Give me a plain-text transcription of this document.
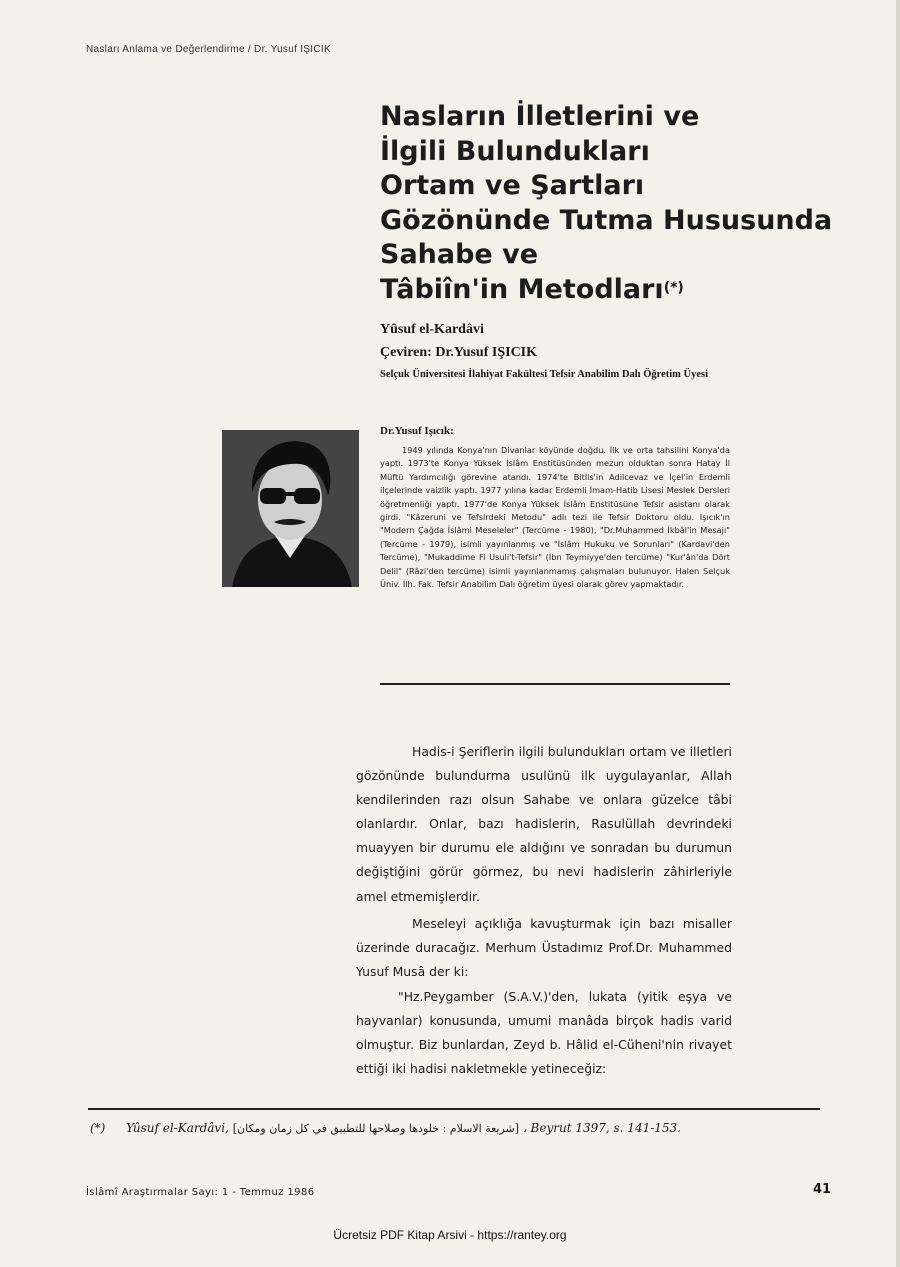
Nasları Anlama ve Değerlendirme / Dr. Yusuf IŞICIK
Nasların İlletlerini ve
İlgili Bulundukları
Ortam ve Şartları
Gözönünde Tutma Hususunda
Sahabe ve
Tâbiîn'in Metodları(*)
Yûsuf el-Kardâvi
Çeviren: Dr.Yusuf IŞICIK
Selçuk Üniversitesi İlahiyat Fakültesi Tefsir Anabilim Dalı Öğretim Üyesi
Dr.Yusuf Işıcık:

1949 yılında Konya'nın Divanlar köyünde doğdu. İlk ve orta tahsilini Konya'da yaptı. 1973'te Konya Yüksek İslâm Enstitüsünden mezun olduktan sonra Hatay İl Müftü Yardımcılığı görevine atandı. 1974'te Bitlis'in Adilcevaz ve İçel'in Erdemli ilçelerinde vaizlik yaptı. 1977 yılına kadar Erdemli İmam-Hatib Lisesi Meslek Dersleri öğretmenliği yaptı. 1977'de Konya Yüksek İslâm Enstitüsüne Tefsir asistanı olarak girdi. "Kâzeruni ve Tefsirdeki Metodu" adlı tezi ile Tefsir Doktoru oldu. Işıcık'ın "Modern Çağda İslâmi Meseleler" (Tercüme - 1980), "Dr.Muhammed İkbâl'in Mesajı" (Tercüme - 1979), isimli yayınlanmış ve "İslâm Hukuku ve Sorunları" (Kardavi'den Tercüme), "Mukaddime Fi Usuli't-Tefsir" (İbn Teymiyye'den tercüme) "Kur'ân'da Dört Delil" (Râzi'den tercüme) isimli yayınlanmamış çalışmaları bulunuyor. Halen Selçuk Üniv. İlh. Fak. Tefsir Anabilim Dalı öğretim üyesi olarak görev yapmaktadır.

Hadis-i Şeriflerin ilgili bulundukları ortam ve illetleri gözönünde bulundurma usulünü ilk uygulayanlar, Allah kendilerinden razı olsun Sahabe ve onlara güzelce tâbi olanlardır. Onlar, bazı hadislerin, Rasulüllah devrindeki muayyen bir durumu ele aldığını ve sonradan bu durumun değiştiğini görür görmez, bu nevi hadislerin zâhirleriyle amel etmemişlerdir.

Meseleyi açıklığa kavuşturmak için bazı misaller üzerinde duracağız. Merhum Üstadımız Prof.Dr. Muhammed Yusuf Musâ der ki:

"Hz.Peygamber (S.A.V.)'den, lukata (yitik eşya ve hayvanlar) konusunda, umumi manâda birçok hadis varid olmuştur. Biz bunlardan, Zeyd b. Hâlid el-Cüheni'nin rivayet ettiği iki hadisi nakletmekle yetineceğiz:

(*) Yûsuf el-Kardâvi, [شريعة الاسلام : خلودها وصلاحها للتطبيق في كل زمان ومكان] ، Beyrut 1397, s. 141-153.
İslâmî Araştırmalar Sayı: 1 - Temmuz 1986	41
Ücretsiz PDF Kitap Arsivi - https://rantey.org
